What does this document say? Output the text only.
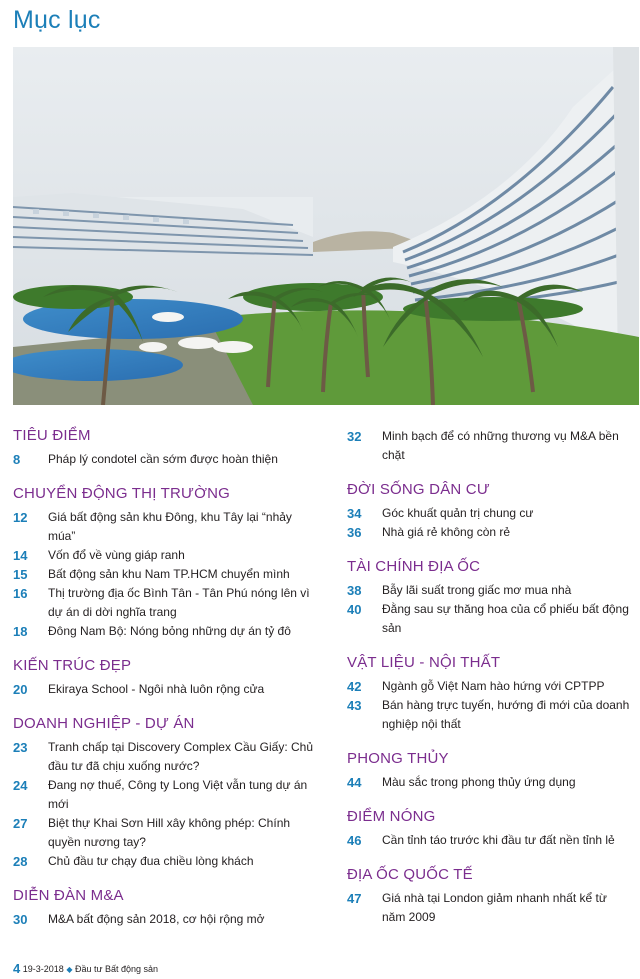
Mục lục
TIÊU ĐIỂM
8	Pháp lý condotel cần sớm được hoàn thiện
CHUYỂN ĐỘNG THỊ TRƯỜNG
12	Giá bất động sản khu Đông, khu Tây lại “nhảy múa”
14	Vốn đổ về vùng giáp ranh
15	Bất động sản khu Nam TP.HCM chuyển mình
16	Thị trường địa ốc Bình Tân - Tân Phú nóng lên vì dự án di dời nghĩa trang
18	Đông Nam Bộ: Nóng bỏng những dự án tỷ đô
KIẾN TRÚC ĐẸP
20	Ekiraya School - Ngôi nhà luôn rộng cửa
DOANH NGHIỆP - DỰ ÁN
23	Tranh chấp tại Discovery Complex Cầu Giấy: Chủ đầu tư đã chịu xuống nước?
24	Đang nợ thuế, Công ty Long Việt vẫn tung dự án mới
27	Biệt thự Khai Sơn Hill xây không phép: Chính quyền nương tay?
28	Chủ đầu tư chạy đua chiều lòng khách
DIỄN ĐÀN M&A
30	M&A bất động sản 2018, cơ hội rộng mở
32	Minh bạch để có những thương vụ M&A bền chặt
ĐỜI SỐNG DÂN CƯ
34	Góc khuất quản trị chung cư
36	Nhà giá rẻ không còn rẻ
TÀI CHÍNH ĐỊA ỐC
38	Bẫy lãi suất trong giấc mơ mua nhà
40	Đằng sau sự thăng hoa của cổ phiếu bất động sản
VẬT LIỆU - NỘI THẤT
42	Ngành gỗ Việt Nam hào hứng với CPTPP
43	Bán hàng trực tuyến, hướng đi mới của doanh nghiệp nội thất
PHONG THỦY
44	Màu sắc trong phong thủy ứng dụng
ĐIỂM NÓNG
46	Cần tỉnh táo trước khi đầu tư đất nền tỉnh lẻ
ĐỊA ỐC QUỐC TẾ
47	Giá nhà tại London giảm nhanh nhất kể từ năm 2009
4 19-3-2018 ◆ Đầu tư Bất động sản
